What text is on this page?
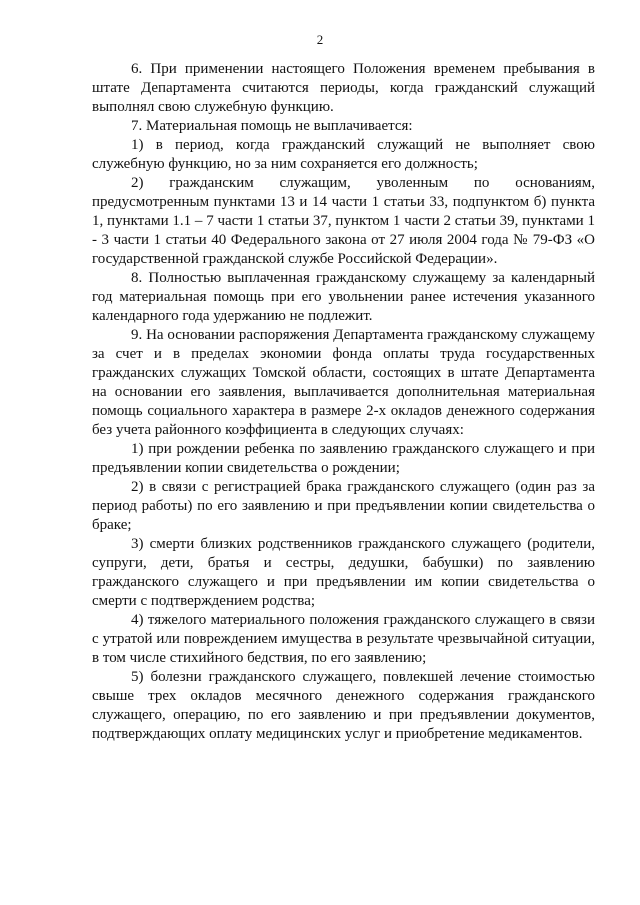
2

6. При применении настоящего Положения временем пребывания в штате Департамента считаются периоды, когда гражданский служащий выполнял свою служебную функцию.

7. Материальная помощь не выплачивается:

1) в период, когда гражданский служащий не выполняет свою служебную функцию, но за ним сохраняется его должность;

2) гражданским служащим, уволенным по основаниям, предусмотренным пунктами 13 и 14 части 1 статьи 33, подпунктом б) пункта 1, пунктами 1.1 – 7 части 1 статьи 37, пунктом 1 части 2 статьи 39, пунктами 1 - 3 части 1 статьи 40 Федерального закона от 27 июля 2004 года № 79-ФЗ «О государственной гражданской службе Российской Федерации».

8. Полностью выплаченная гражданскому служащему за календарный год материальная помощь при его увольнении ранее истечения указанного календарного года удержанию не подлежит.

9. На основании распоряжения Департамента гражданскому служащему за счет и в пределах экономии фонда оплаты труда государственных гражданских служащих Томской области, состоящих в штате Департамента на основании его заявления, выплачивается дополнительная материальная помощь социального характера в размере 2-х окладов денежного содержания без учета районного коэффициента в следующих случаях:

1) при рождении ребенка по заявлению гражданского служащего и при предъявлении копии свидетельства о рождении;

2) в связи с регистрацией брака гражданского служащего (один раз за период работы) по его заявлению и при предъявлении копии свидетельства о браке;

3) смерти близких родственников гражданского служащего (родители, супруги, дети, братья и сестры, дедушки, бабушки) по заявлению гражданского служащего и при предъявлении им копии свидетельства о смерти с подтверждением родства;

4) тяжелого материального положения гражданского служащего в связи с утратой или повреждением имущества в результате чрезвычайной ситуации, в том числе стихийного бедствия, по его заявлению;

5) болезни гражданского служащего, повлекшей лечение стоимостью свыше трех окладов месячного денежного содержания гражданского служащего, операцию, по его заявлению и при предъявлении документов, подтверждающих оплату медицинских услуг и приобретение медикаментов.
